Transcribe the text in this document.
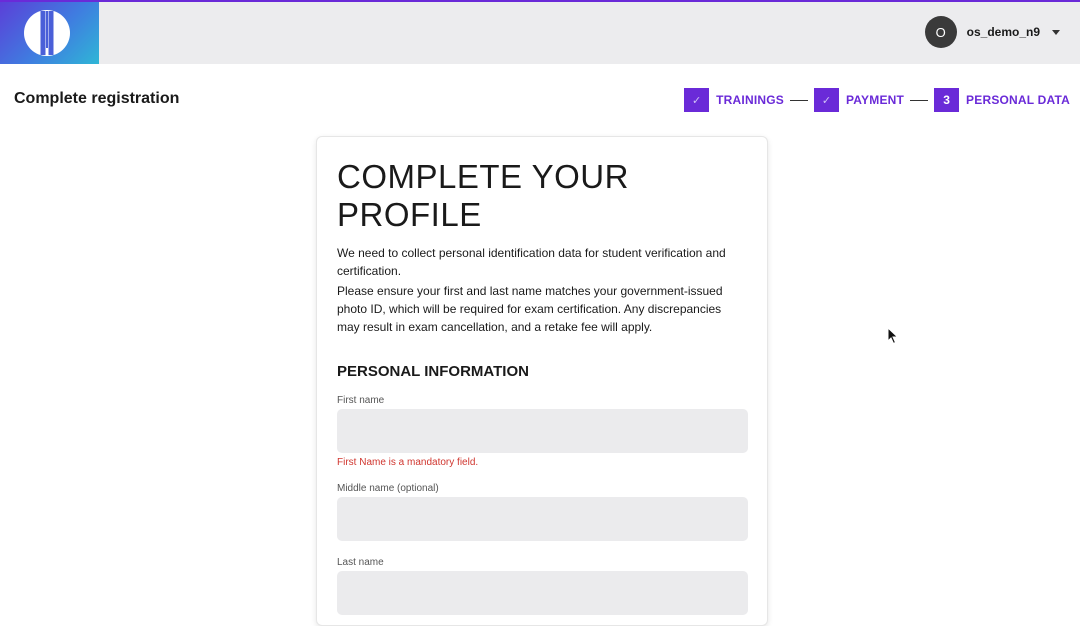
O	os_demo_n9
Complete registration	✓ TRAININGS	✓ PAYMENT	3	PERSONAL DATA
COMPLETE YOUR PROFILE

We need to collect personal identification data for student verification and certification.

Please ensure your first and last name matches your government-issued photo ID, which will be required for exam certification. Any discrepancies may result in exam cancellation, and a retake fee will apply.

PERSONAL INFORMATION
First name
First Name is a mandatory field.
Middle name (optional)
Last name
